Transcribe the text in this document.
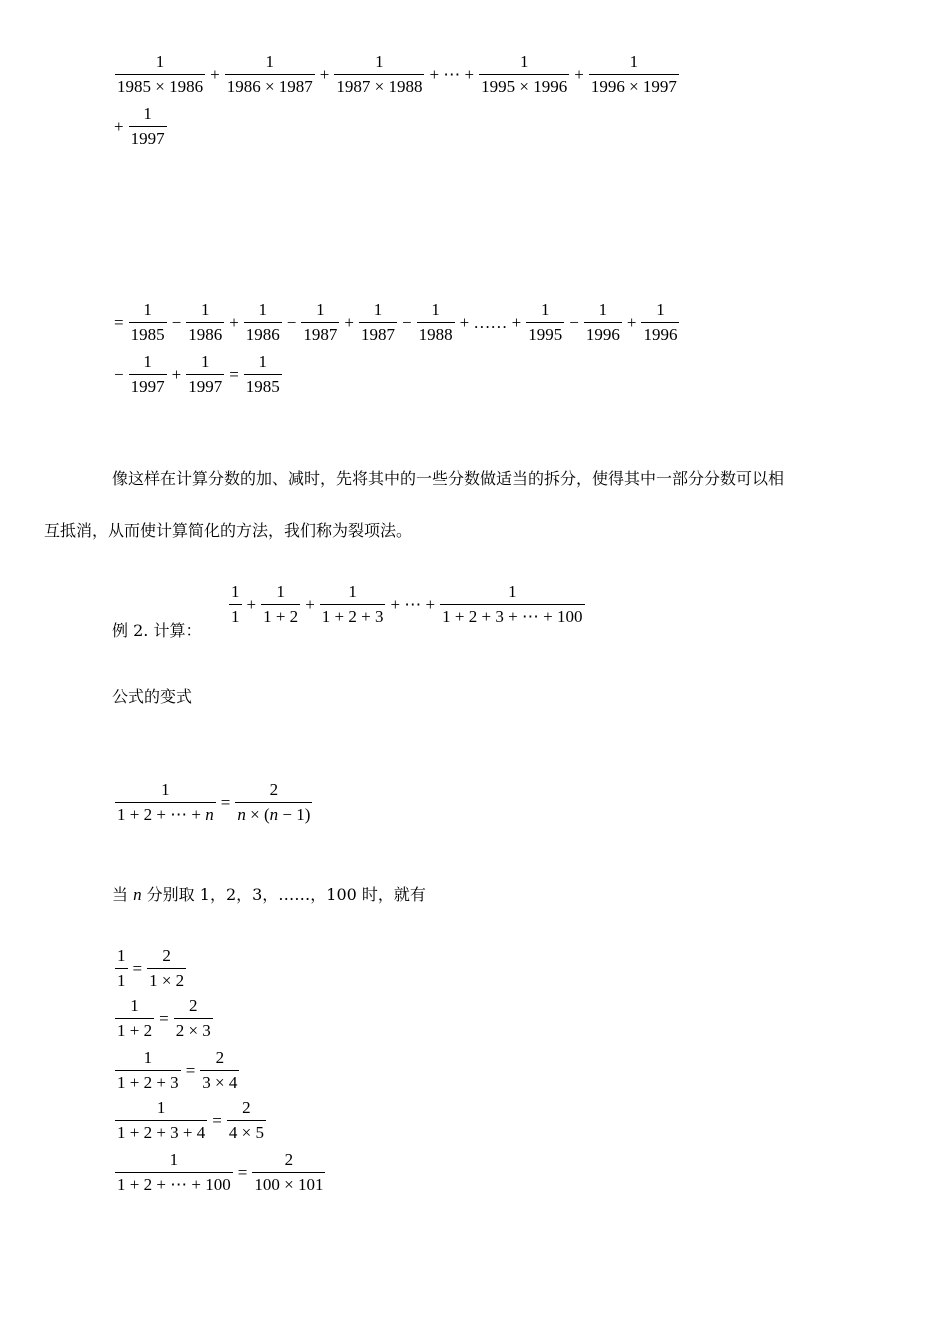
$\frac{1}{1985 \times 1986} + \frac{1}{1986 \times 1987} + \frac{1}{1987 \times 1988}$ + ⋯ + $\frac{1}{1995 \times 1996} + \frac{1}{1996 \times 1997}$
+ $\frac{1}{1997}$
= $\frac{1}{1985} - \frac{1}{1986} + \frac{1}{1986} - \frac{1}{1987} + \frac{1}{1987} - \frac{1}{1988}$ + …… + $\frac{1}{1995} - \frac{1}{1996} + \frac{1}{1996}$
− $\frac{1}{1997} + \frac{1}{1997} = \frac{1}{1985}$
像这样在计算分数的加、减时，先将其中的一些分数做适当的拆分，使得其中一部分分数可以相
互抵消，从而使计算简化的方法，我们称为裂项法。
例 2. 计算：
$\frac{1}{1} + \frac{1}{1 + 2} + \frac{1}{1 + 2 + 3}$ + ⋯ + $\frac{1}{1 + 2 + 3 + \cdots + 100}$
公式的变式
$\frac{1}{1 + 2 + \cdots + n} = \frac{2}{n \times (n - 1)}$
当 n 分别取 1，2，3，……，100 时，就有
$\frac{1}{1} = \frac{2}{1 \times 2}$
$\frac{1}{1 + 2} = \frac{2}{2 \times 3}$
$\frac{1}{1 + 2 + 3} = \frac{2}{3 \times 4}$
$\frac{1}{1 + 2 + 3 + 4} = \frac{2}{4 \times 5}$
$\frac{1}{1 + 2 + \cdots + 100} = \frac{2}{100 \times 101}$
